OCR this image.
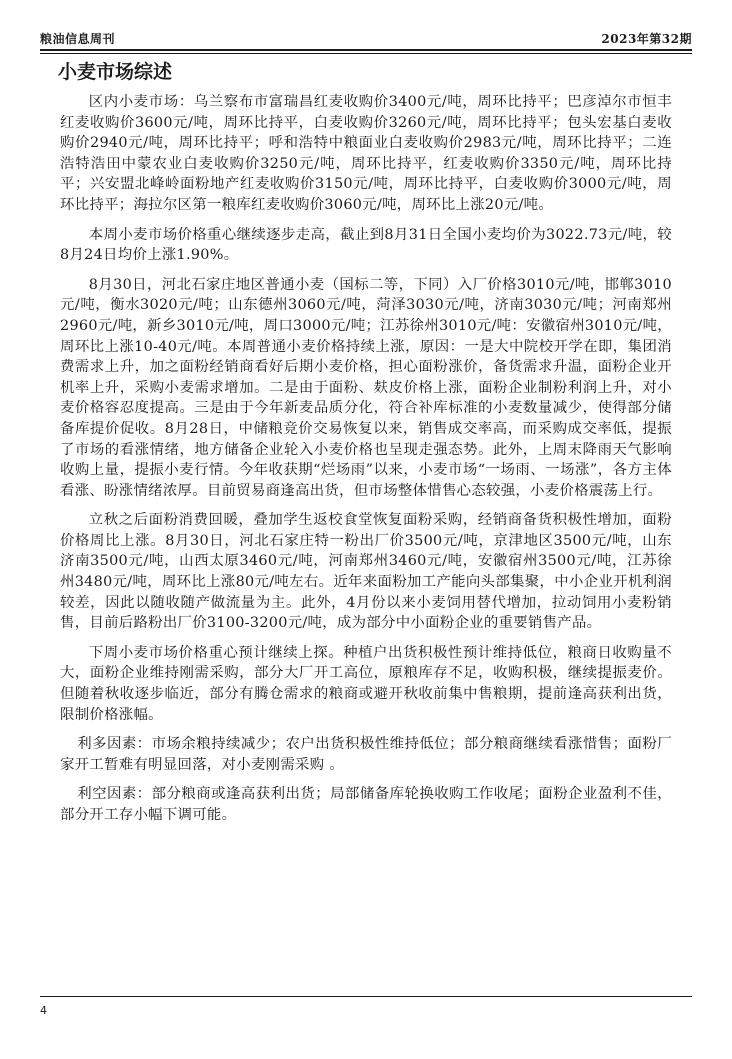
粮油信息周刊	2023年第32期
小麦市场综述

区内小麦市场：乌兰察布市富瑞昌红麦收购价3400元/吨，周环比持平；巴彦淖尔市恒丰红麦收购价3600元/吨，周环比持平，白麦收购价3260元/吨，周环比持平；包头宏基白麦收购价2940元/吨，周环比持平；呼和浩特中粮面业白麦收购价2983元/吨，周环比持平；二连浩特浩田中蒙农业白麦收购价3250元/吨，周环比持平，红麦收购价3350元/吨，周环比持平；兴安盟北峰岭面粉地产红麦收购价3150元/吨，周环比持平，白麦收购价3000元/吨，周环比持平；海拉尔区第一粮库红麦收购价3060元/吨，周环比上涨20元/吨。

本周小麦市场价格重心继续逐步走高，截止到8月31日全国小麦均价为3022.73元/吨，较8月24日均价上涨1.90%。

8月30日，河北石家庄地区普通小麦（国标二等，下同）入厂价格3010元/吨，邯郸3010元/吨，衡水3020元/吨；山东德州3060元/吨，菏泽3030元/吨，济南3030元/吨；河南郑州2960元/吨，新乡3010元/吨，周口3000元/吨；江苏徐州3010元/吨：安徽宿州3010元/吨，周环比上涨10-40元/吨。本周普通小麦价格持续上涨，原因：一是大中院校开学在即，集团消费需求上升，加之面粉经销商看好后期小麦价格，担心面粉涨价，备货需求升温，面粉企业开机率上升，采购小麦需求增加。二是由于面粉、麸皮价格上涨，面粉企业制粉利润上升，对小麦价格容忍度提高。三是由于今年新麦品质分化，符合补库标准的小麦数量减少，使得部分储备库提价促收。8月28日，中储粮竞价交易恢复以来，销售成交率高，而采购成交率低，提振了市场的看涨情绪，地方储备企业轮入小麦价格也呈现走强态势。此外，上周末降雨天气影响收购上量，提振小麦行情。今年收获期“烂场雨”以来，小麦市场“一场雨、一场涨”，各方主体看涨、盼涨情绪浓厚。目前贸易商逢高出货，但市场整体惜售心态较强，小麦价格震荡上行。

立秋之后面粉消费回暖，叠加学生返校食堂恢复面粉采购，经销商备货积极性增加，面粉价格周比上涨。8月30日，河北石家庄特一粉出厂价3500元/吨，京津地区3500元/吨，山东济南3500元/吨，山西太原3460元/吨，河南郑州3460元/吨，安徽宿州3500元/吨，江苏徐州3480元/吨，周环比上涨80元/吨左右。近年来面粉加工产能向头部集聚，中小企业开机利润较差，因此以随收随产做流量为主。此外，4月份以来小麦饲用替代增加，拉动饲用小麦粉销售，目前后路粉出厂价3100-3200元/吨，成为部分中小面粉企业的重要销售产品。

下周小麦市场价格重心预计继续上探。种植户出货积极性预计维持低位，粮商日收购量不大，面粉企业维持刚需采购，部分大厂开工高位，原粮库存不足，收购积极，继续提振麦价。但随着秋收逐步临近，部分有腾仓需求的粮商或避开秋收前集中售粮期，提前逢高获利出货，限制价格涨幅。

利多因素：市场余粮持续减少；农户出货积极性维持低位；部分粮商继续看涨惜售；面粉厂家开工暂难有明显回落，对小麦刚需采购 。

利空因素：部分粮商或逢高获利出货；局部储备库轮换收购工作收尾；面粉企业盈利不佳，部分开工存小幅下调可能。

4
